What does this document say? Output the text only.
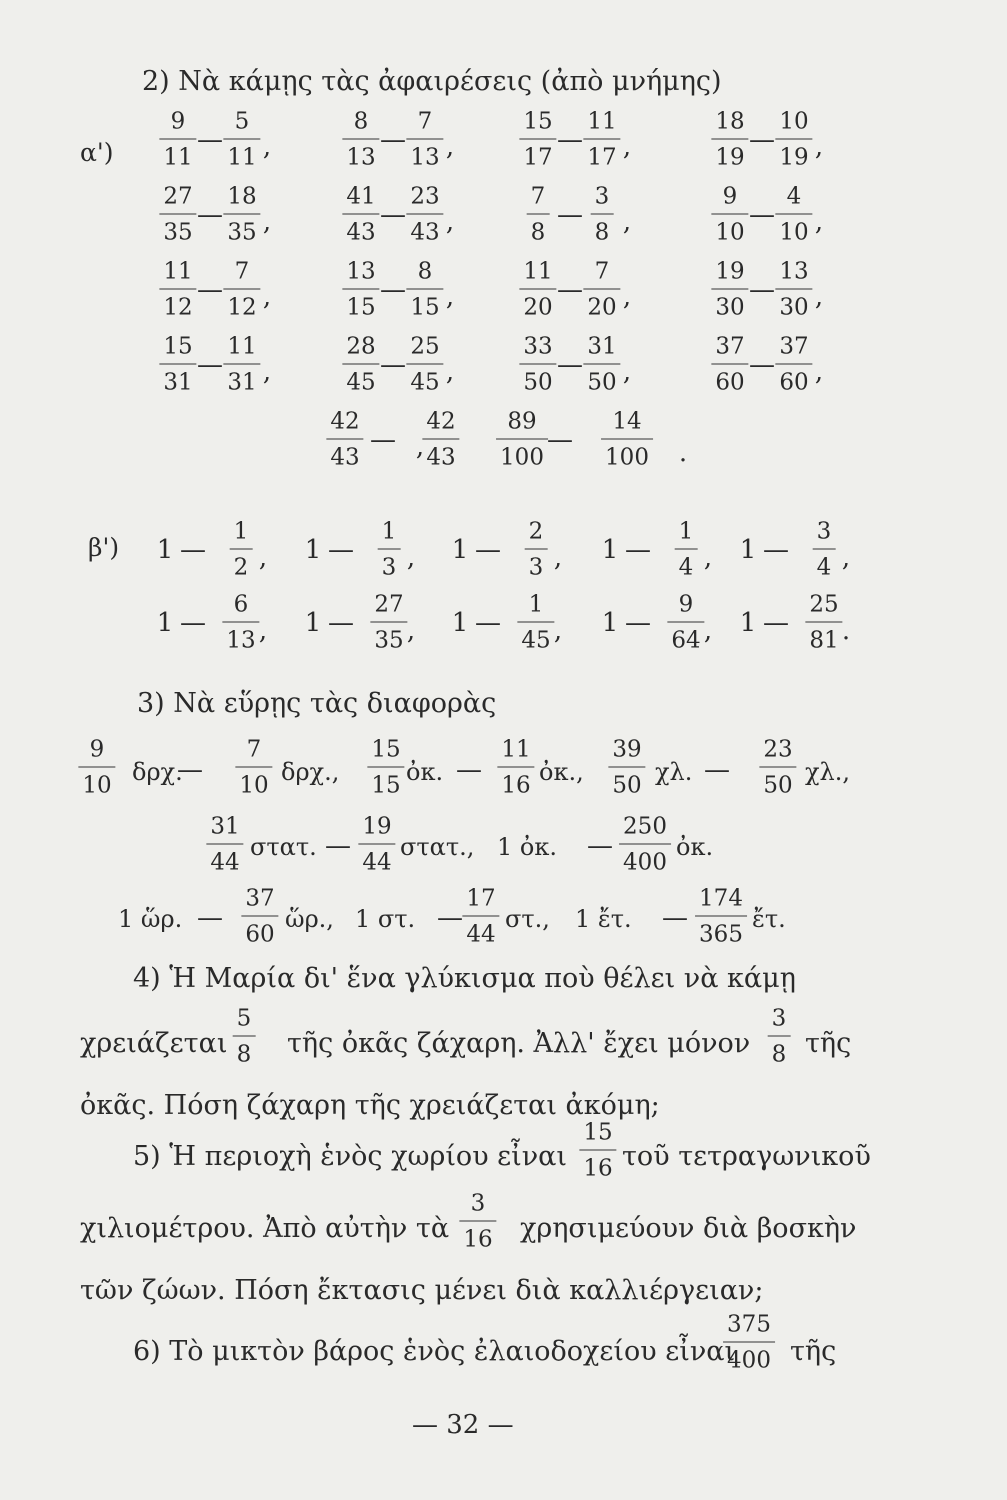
2) Νὰ κάμῃς τὰς ἀφαιρέσεις (ἀπὸ μνήμης)
α')
9
11
—
5
11 ,
8
13
—
7
13 ,
15
17
—
11
17 ,
18
19
—
10
19 ,
27
35
—
18
35 ,
41
43
—
23
43 ,
7
8
—
3
8 ,
9
10
—
4
10 ,
11
12
—
7
12 ,
13
15
—
8
15 ,
11
20
—
7
20 ,
19
30
—
13
30 ,
15
31
—
11
31 ,
28
45
—
25
45 ,
33
50
—
31
50 ,
37
60
—
37
60 ,
42
43
—
42
43
89
100
—
14
100
,	.
β') 1 —
1
2 , 1 —
1
3 , 1 —
2
3 , 1 —
1
4 , 1 —
3
4 ,
1 —
6
13 , 1 —
27
35 , 1 —
1
45 , 1 —
9
64 , 1 —
25
81 .
3) Νὰ εὕρῃς τὰς διαφορὰς
9
10 δρχ.
—
7
10 δρχ.,
15
15 ὀκ. —
11
16 ὀκ.,
39
50 χλ. —
23
50 χλ.,
31
44
στατ. —
19
44
στατ., 1 ὀκ. —
250
400
ὀκ.
1 ὥρ. —
37
60
ὥρ., 1 στ. —
17
44
στ., 1 ἔτ. —
174
365
ἔτ.
4) Ἡ Μαρία δι' ἕνα γλύκισμα ποὺ θέλει νὰ κάμῃ
χρειάζεται
5
8 τῆς ὀκᾶς ζάχαρη. Ἀλλ' ἔχει μόνον
3
8 τῆς
ὀκᾶς. Πόση ζάχαρη τῆς χρειάζεται ἀκόμη;
5) Ἡ περιοχὴ ἑνὸς χωρίου εἶναι
15
16 τοῦ τετραγωνικοῦ
χιλιομέτρου. Ἀπὸ αὐτὴν τὰ
3
16 χρησιμεύουν διὰ βοσκὴν
τῶν ζώων. Πόση ἔκτασις μένει διὰ καλλιέργειαν;
6) Τὸ μικτὸν βάρος ἑνὸς ἐλαιοδοχείου εἶναι
375
400 τῆς
— 32 —
